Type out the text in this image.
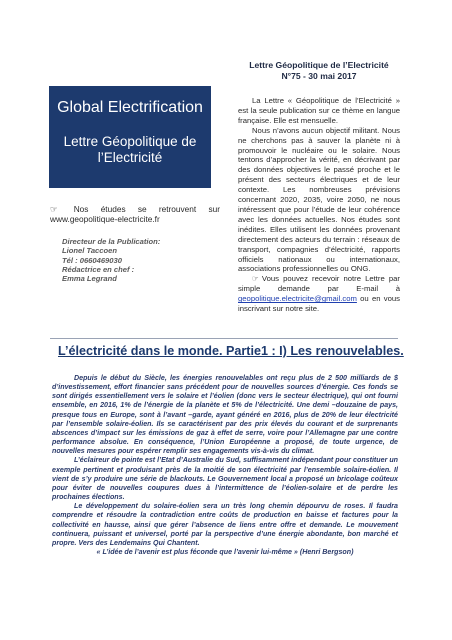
Lettre Géopolitique de l’Electricité
N°75 - 30 mai 2017
Global Electrification
Lettre Géopolitique de l’Electricité
☞	Nos études se retrouvent sur
www.geopolitique-electricite.fr
Directeur de la Publication:
Lionel Taccoen
Tél : 0660469030
Rédactrice en chef :
Emma Legrand

La Lettre « Géopolitique de l’Electricité » est la seule publication sur ce thème en langue française. Elle est mensuelle.

Nous n’avons aucun objectif militant. Nous ne cherchons pas à sauver la planète ni à promouvoir le nucléaire ou le solaire. Nous tentons d’approcher la vérité, en décrivant par des données objectives le passé proche et le présent des secteurs électriques et de leur contexte. Les nombreuses prévisions concernant 2020, 2035, voire 2050, ne nous intéressent que pour l’étude de leur cohérence avec les données actuelles. Nos études sont inédites. Elles utilisent les données provenant directement des acteurs du terrain : réseaux de transport, compagnies d’électricité, rapports officiels nationaux ou internationaux, associations professionnelles ou ONG.

☞ Vous pouvez recevoir notre Lettre par simple demande par E-mail à geopolitique.electricite@gmail.com ou en vous inscrivant sur notre site.

L’électricité dans le monde. Partie1 : I) Les renouvelables.

Depuis le début du Siècle, les énergies renouvelables ont reçu plus de 2 500 milliards de $ d’investissement, effort financier sans précédent pour de nouvelles sources d’énergie. Ces fonds se sont dirigés essentiellement vers le solaire et l’éolien (donc vers le secteur électrique), qui ont fourni ensemble, en 2016, 1% de l’énergie de la planète et 5% de l’électricité. Une demi –douzaine de pays, presque tous en Europe, sont à l’avant –garde, ayant généré en 2016, plus de 20% de leur électricité par l’ensemble solaire-éolien. Ils se caractérisent par des prix élevés du courant et de surprenants abscences d’impact sur les émissions de gaz à effet de serre, voire pour l’Allemagne par une contre performance absolue. En conséquence, l’Union Européenne a proposé, de toute urgence, de nouvelles mesures pour espérer remplir ses engagements vis-à-vis du climat.

L’éclaireur de pointe est l’Etat d’Australie du Sud, suffisamment indépendant pour constituer un exemple pertinent et produisant près de la moitié de son électricité par l’ensemble solaire-éolien. Il vient de s’y produire une série de blackouts. Le Gouvernement local a proposé un bricolage coûteux pour éviter de nouvelles coupures dues à l’intermittence de l’éolien-solaire et de perdre les prochaines élections.

Le développement du solaire-éolien sera un très long chemin dépourvu de roses. Il faudra comprendre et résoudre la contradiction entre coûts de production en baisse et factures pour la collectivité en hausse, ainsi que gérer l’absence de liens entre offre et demande. Le mouvement continuera, puissant et universel, porté par la perspective d’une énergie abondante, bon marché et propre. Vers des Lendemains Qui Chantent.

« L’idée de l’avenir est plus féconde que l’avenir lui-même » (Henri Bergson)
